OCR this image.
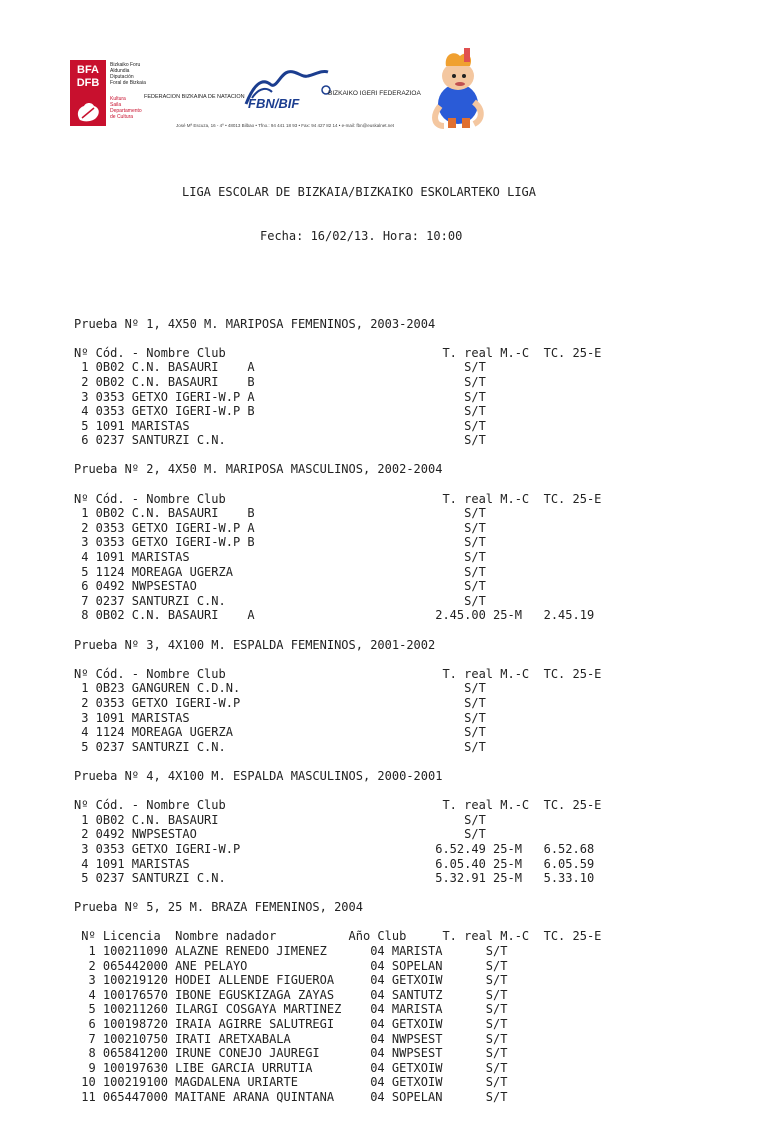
BFA
DFB
Bizkaiko Foru
Aldundia
Diputación
Foral de Bizkaia
Kultura
Saila
Departamento
de Cultura
FBN/BIF
FEDERACION BIZKAINA DE NATACION	BIZKAIKO IGERI FEDERAZIOA
José Mª Escuza, 16 - 4º • 48013 Bilbao • Tfno.: 94 441 18 93 • Fax: 94 427 82 14 • e-mail: fbn@euskalnet.net

LIGA ESCOLAR DE BIZKAIA/BIZKAIKO ESKOLARTEKO LIGA

Fecha: 16/02/13. Hora: 10:00

Prueba Nº 1, 4X50 M. MARIPOSA FEMENINOS, 2003-2004
Nº Cód. - Nombre Club                              T. real M.-C  TC. 25-E
1 0B02 C.N. BASAURI    A                             S/T
2 0B02 C.N. BASAURI    B                             S/T
3 0353 GETXO IGERI-W.P A                             S/T
4 0353 GETXO IGERI-W.P B                             S/T
5 1091 MARISTAS                                      S/T
6 0237 SANTURZI C.N.                                 S/T
Prueba Nº 2, 4X50 M. MARIPOSA MASCULINOS, 2002-2004
Nº Cód. - Nombre Club                              T. real M.-C  TC. 25-E
1 0B02 C.N. BASAURI    B                             S/T
2 0353 GETXO IGERI-W.P A                             S/T
3 0353 GETXO IGERI-W.P B                             S/T
4 1091 MARISTAS                                      S/T
5 1124 MOREAGA UGERZA                                S/T
6 0492 NWPSESTAO                                     S/T
7 0237 SANTURZI C.N.                                 S/T
8 0B02 C.N. BASAURI    A                         2.45.00 25-M   2.45.19
Prueba Nº 3, 4X100 M. ESPALDA FEMENINOS, 2001-2002
Nº Cód. - Nombre Club                              T. real M.-C  TC. 25-E
1 0B23 GANGUREN C.D.N.                               S/T
2 0353 GETXO IGERI-W.P                               S/T
3 1091 MARISTAS                                      S/T
4 1124 MOREAGA UGERZA                                S/T
5 0237 SANTURZI C.N.                                 S/T
Prueba Nº 4, 4X100 M. ESPALDA MASCULINOS, 2000-2001
Nº Cód. - Nombre Club                              T. real M.-C  TC. 25-E
1 0B02 C.N. BASAURI                                  S/T
2 0492 NWPSESTAO                                     S/T
3 0353 GETXO IGERI-W.P                           6.52.49 25-M   6.52.68
4 1091 MARISTAS                                  6.05.40 25-M   6.05.59
5 0237 SANTURZI C.N.                             5.32.91 25-M   5.33.10
Prueba Nº 5, 25 M. BRAZA FEMENINOS, 2004
Nº Licencia  Nombre nadador          Año Club     T. real M.-C  TC. 25-E
1 100211090 ALAZNE RENEDO JIMENEZ      04 MARISTA      S/T
2 065442000 ANE PELAYO                 04 SOPELAN      S/T
3 100219120 HODEI ALLENDE FIGUEROA     04 GETXOIW      S/T
4 100176570 IBONE EGUSKIZAGA ZAYAS     04 SANTUTZ      S/T
5 100211260 ILARGI COSGAYA MARTINEZ    04 MARISTA      S/T
6 100198720 IRAIA AGIRRE SALUTREGI     04 GETXOIW      S/T
7 100210750 IRATI ARETXABALA           04 NWPSEST      S/T
8 065841200 IRUNE CONEJO JAUREGI       04 NWPSEST      S/T
9 100197630 LIBE GARCIA URRUTIA        04 GETXOIW      S/T
10 100219100 MAGDALENA URIARTE          04 GETXOIW      S/T
11 065447000 MAITANE ARANA QUINTANA     04 SOPELAN      S/T
